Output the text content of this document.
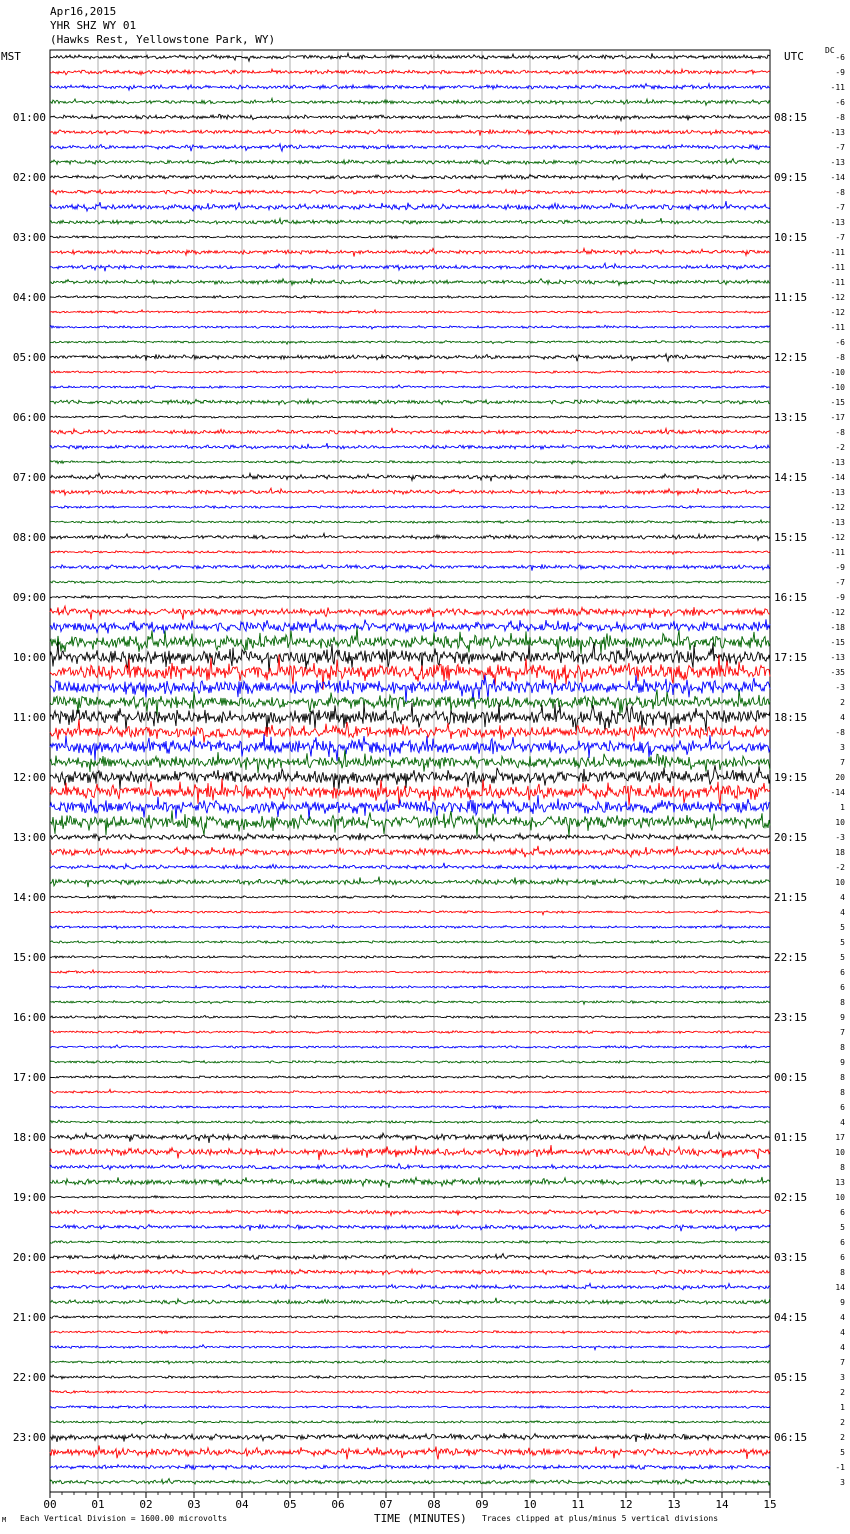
Apr16,2015
YHR SHZ WY 01
(Hawks Rest, Yellowstone Park, WY)
MST	UTC	DC
00	01	02	03	04	05	06	07	08	09	10	11	12	13	14	15
01:00
02:00
03:00
04:00
05:00
06:00
07:00
08:00
09:00
10:00
11:00
12:00
13:00
14:00
15:00
16:00
17:00
18:00
19:00
20:00
21:00
22:00
23:00
08:15
09:15
10:15
11:15
12:15
13:15
14:15
15:15
16:15
17:15
18:15
19:15
20:15
21:15
22:15
23:15
00:15
01:15
02:15
03:15
04:15
05:15
06:15
-6
-9
-11
-6
-8
-13
-7
-13
-14
-8
-7
-13
-7
-11
-11
-11
-12
-12
-11
-6
-8
-10
-10
-15
-17
-8
-2
-13
-14
-13
-12
-13
-12
-11
-9
-7
-9
-12
-18
-15
-13
-35
-3
2
4
-8
3
7
20
-14
1
10
-3
18
-2
10
4
4
5
5
5
6
6
8
9
7
8
9
8
8
6
4
17
10
8
13
10
6
5
6
6
8
14
9
4
4
4
7
3
2
1
2
2
5
-1
3
M Each Vertical Division = 1600.00 microvolts	TIME (MINUTES) Traces clipped at plus/minus 5 vertical divisions
